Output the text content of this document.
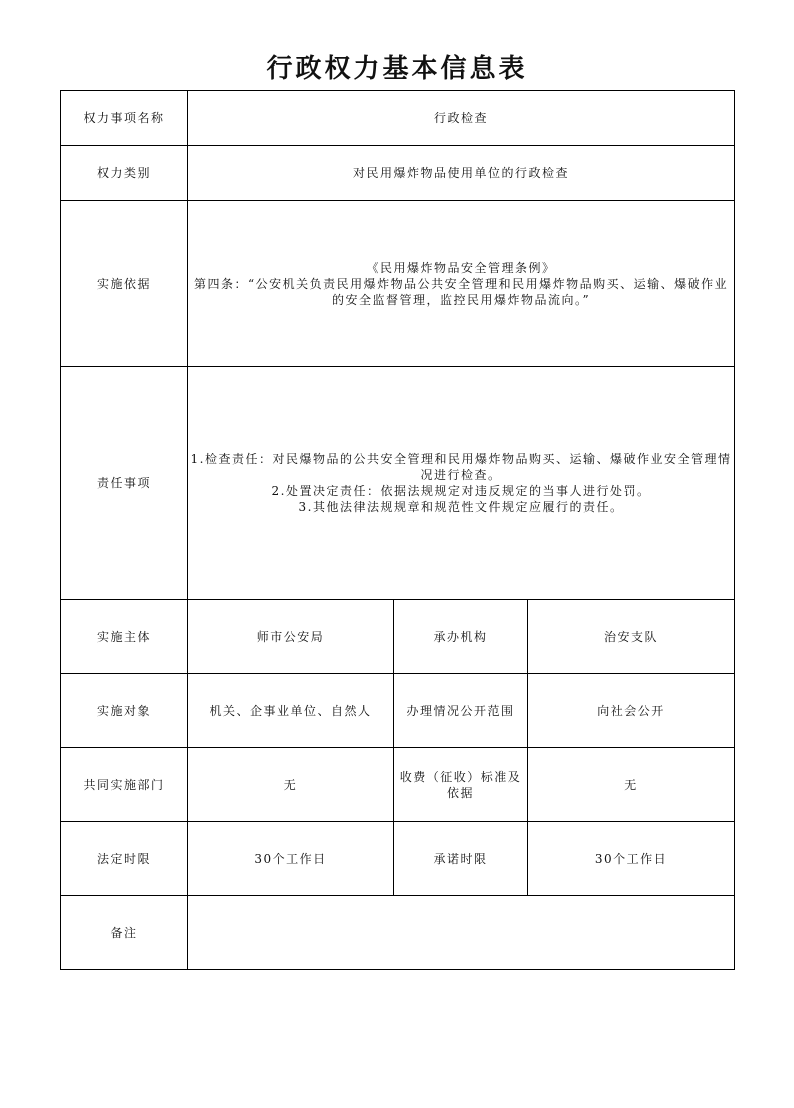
行政权力基本信息表
权力事项名称	行政检查		
权力类别	对民用爆炸物品使用单位的行政检查		
实施依据	《民用爆炸物品安全管理条例》
第四条：“公安机关负责民用爆炸物品公共安全管理和民用爆炸物品购买、运输、爆破作业的安全监督管理，监控民用爆炸物品流向。”		

责任事项	1.检查责任：对民爆物品的公共安全管理和民用爆炸物品购买、运输、爆破作业安全管理情况进行检查。
2.处置决定责任：依据法规规定对违反规定的当事人进行处罚。
3.其他法律法规规章和规范性文件规定应履行的责任。		

实施主体	师市公安局	承办机构	治安支队
实施对象	机关、企事业单位、自然人	办理情况公开范围	向社会公开
共同实施部门	无	收费（征收）标准及依据	无
法定时限	30个工作日	承诺时限	30个工作日
备注			
